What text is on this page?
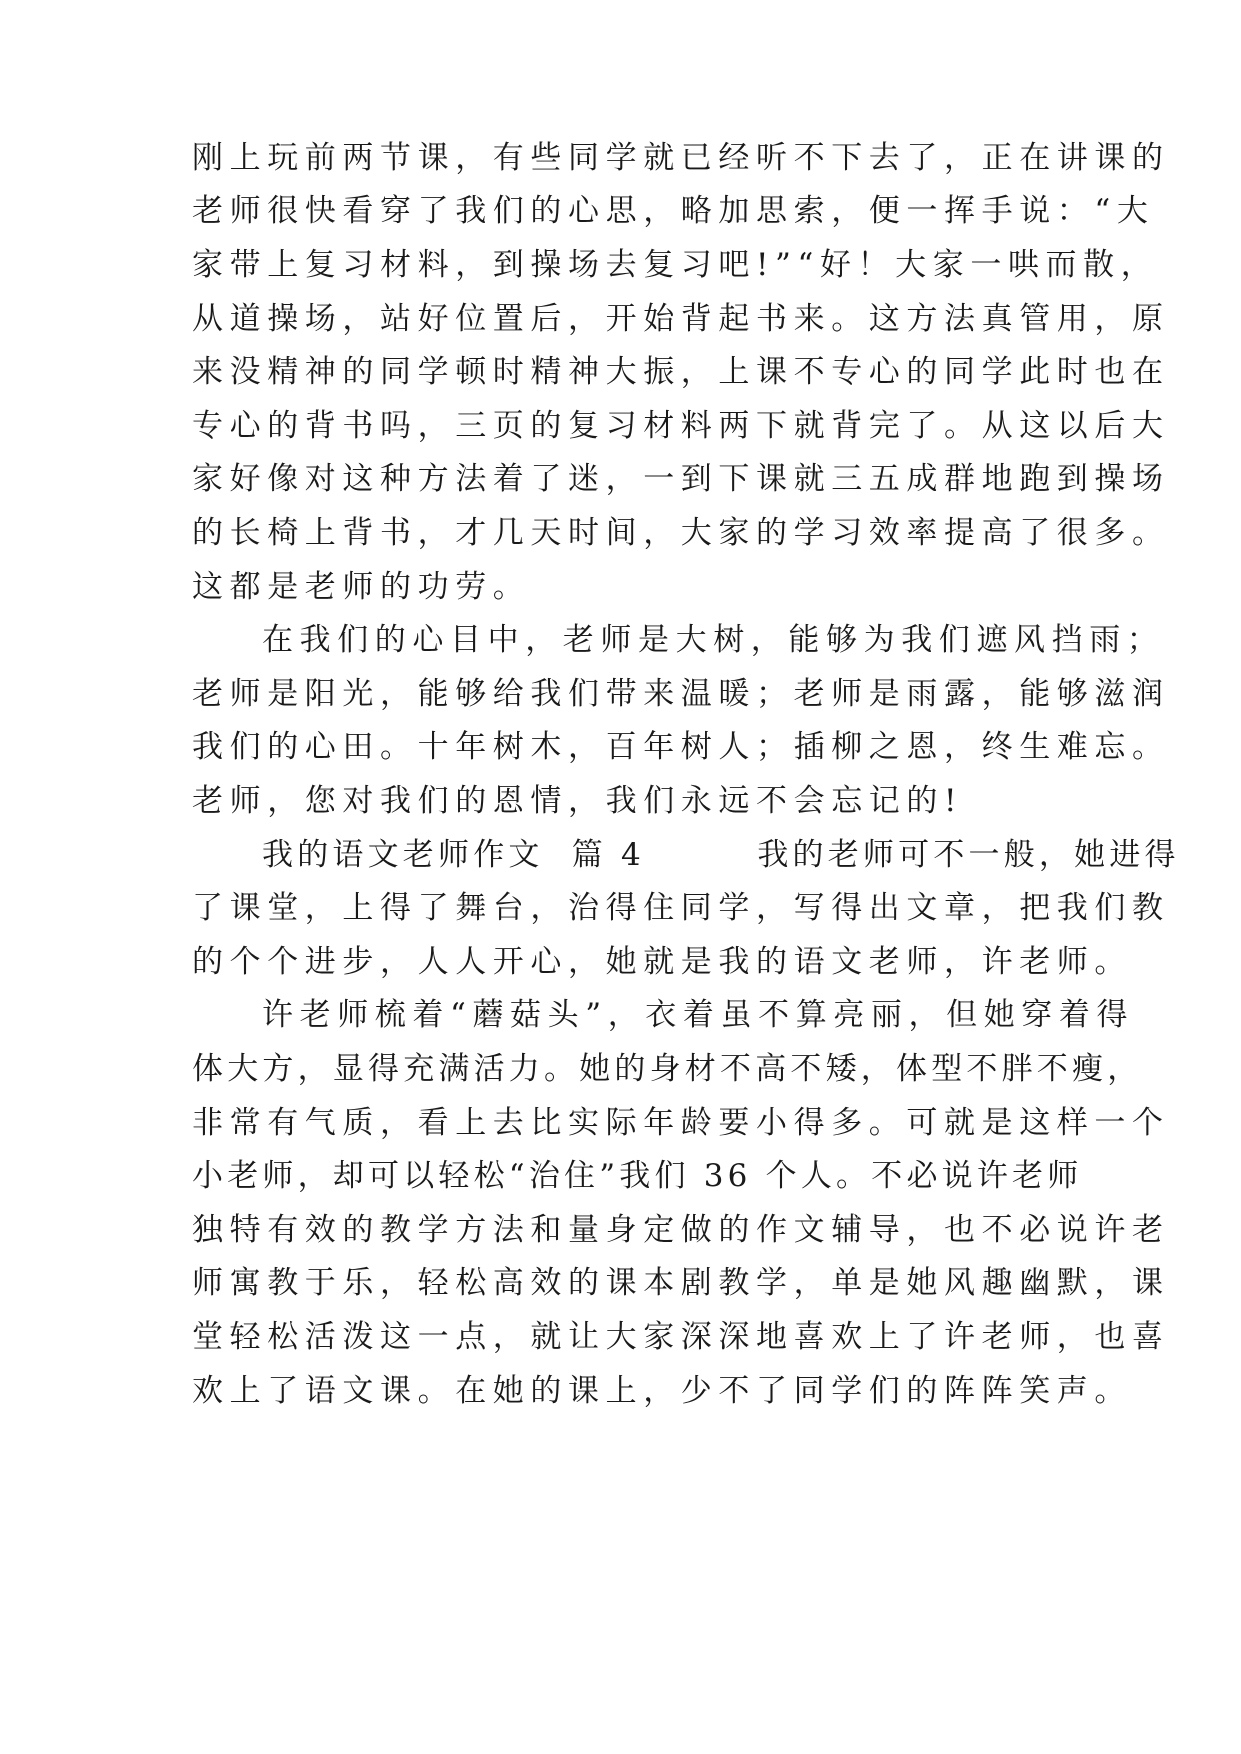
刚上玩前两节课，有些同学就已经听不下去了，正在讲课的
老师很快看穿了我们的心思，略加思索，便一挥手说：“大
家带上复习材料，到操场去复习吧!”“好！大家一哄而散，
从道操场，站好位置后，开始背起书来。这方法真管用，原
来没精神的同学顿时精神大振，上课不专心的同学此时也在
专心的背书吗，三页的复习材料两下就背完了。从这以后大
家好像对这种方法着了迷，一到下课就三五成群地跑到操场
的长椅上背书，才几天时间，大家的学习效率提高了很多。
这都是老师的功劳。
在我们的心目中，老师是大树，能够为我们遮风挡雨；
老师是阳光，能够给我们带来温暖；老师是雨露，能够滋润
我们的心田。十年树木，百年树人；插柳之恩，终生难忘。
老师，您对我们的恩情，我们永远不会忘记的!
我的语文老师作文  篇 4        我的老师可不一般，她进得
了课堂，上得了舞台，治得住同学，写得出文章，把我们教
的个个进步，人人开心，她就是我的语文老师，许老师。
许老师梳着“蘑菇头”，衣着虽不算亮丽，但她穿着得
体大方，显得充满活力。她的身材不高不矮，体型不胖不瘦，
非常有气质，看上去比实际年龄要小得多。可就是这样一个
小老师，却可以轻松“治住”我们 36 个人。不必说许老师
独特有效的教学方法和量身定做的作文辅导，也不必说许老
师寓教于乐，轻松高效的课本剧教学，单是她风趣幽默，课
堂轻松活泼这一点，就让大家深深地喜欢上了许老师，也喜
欢上了语文课。在她的课上，少不了同学们的阵阵笑声。
